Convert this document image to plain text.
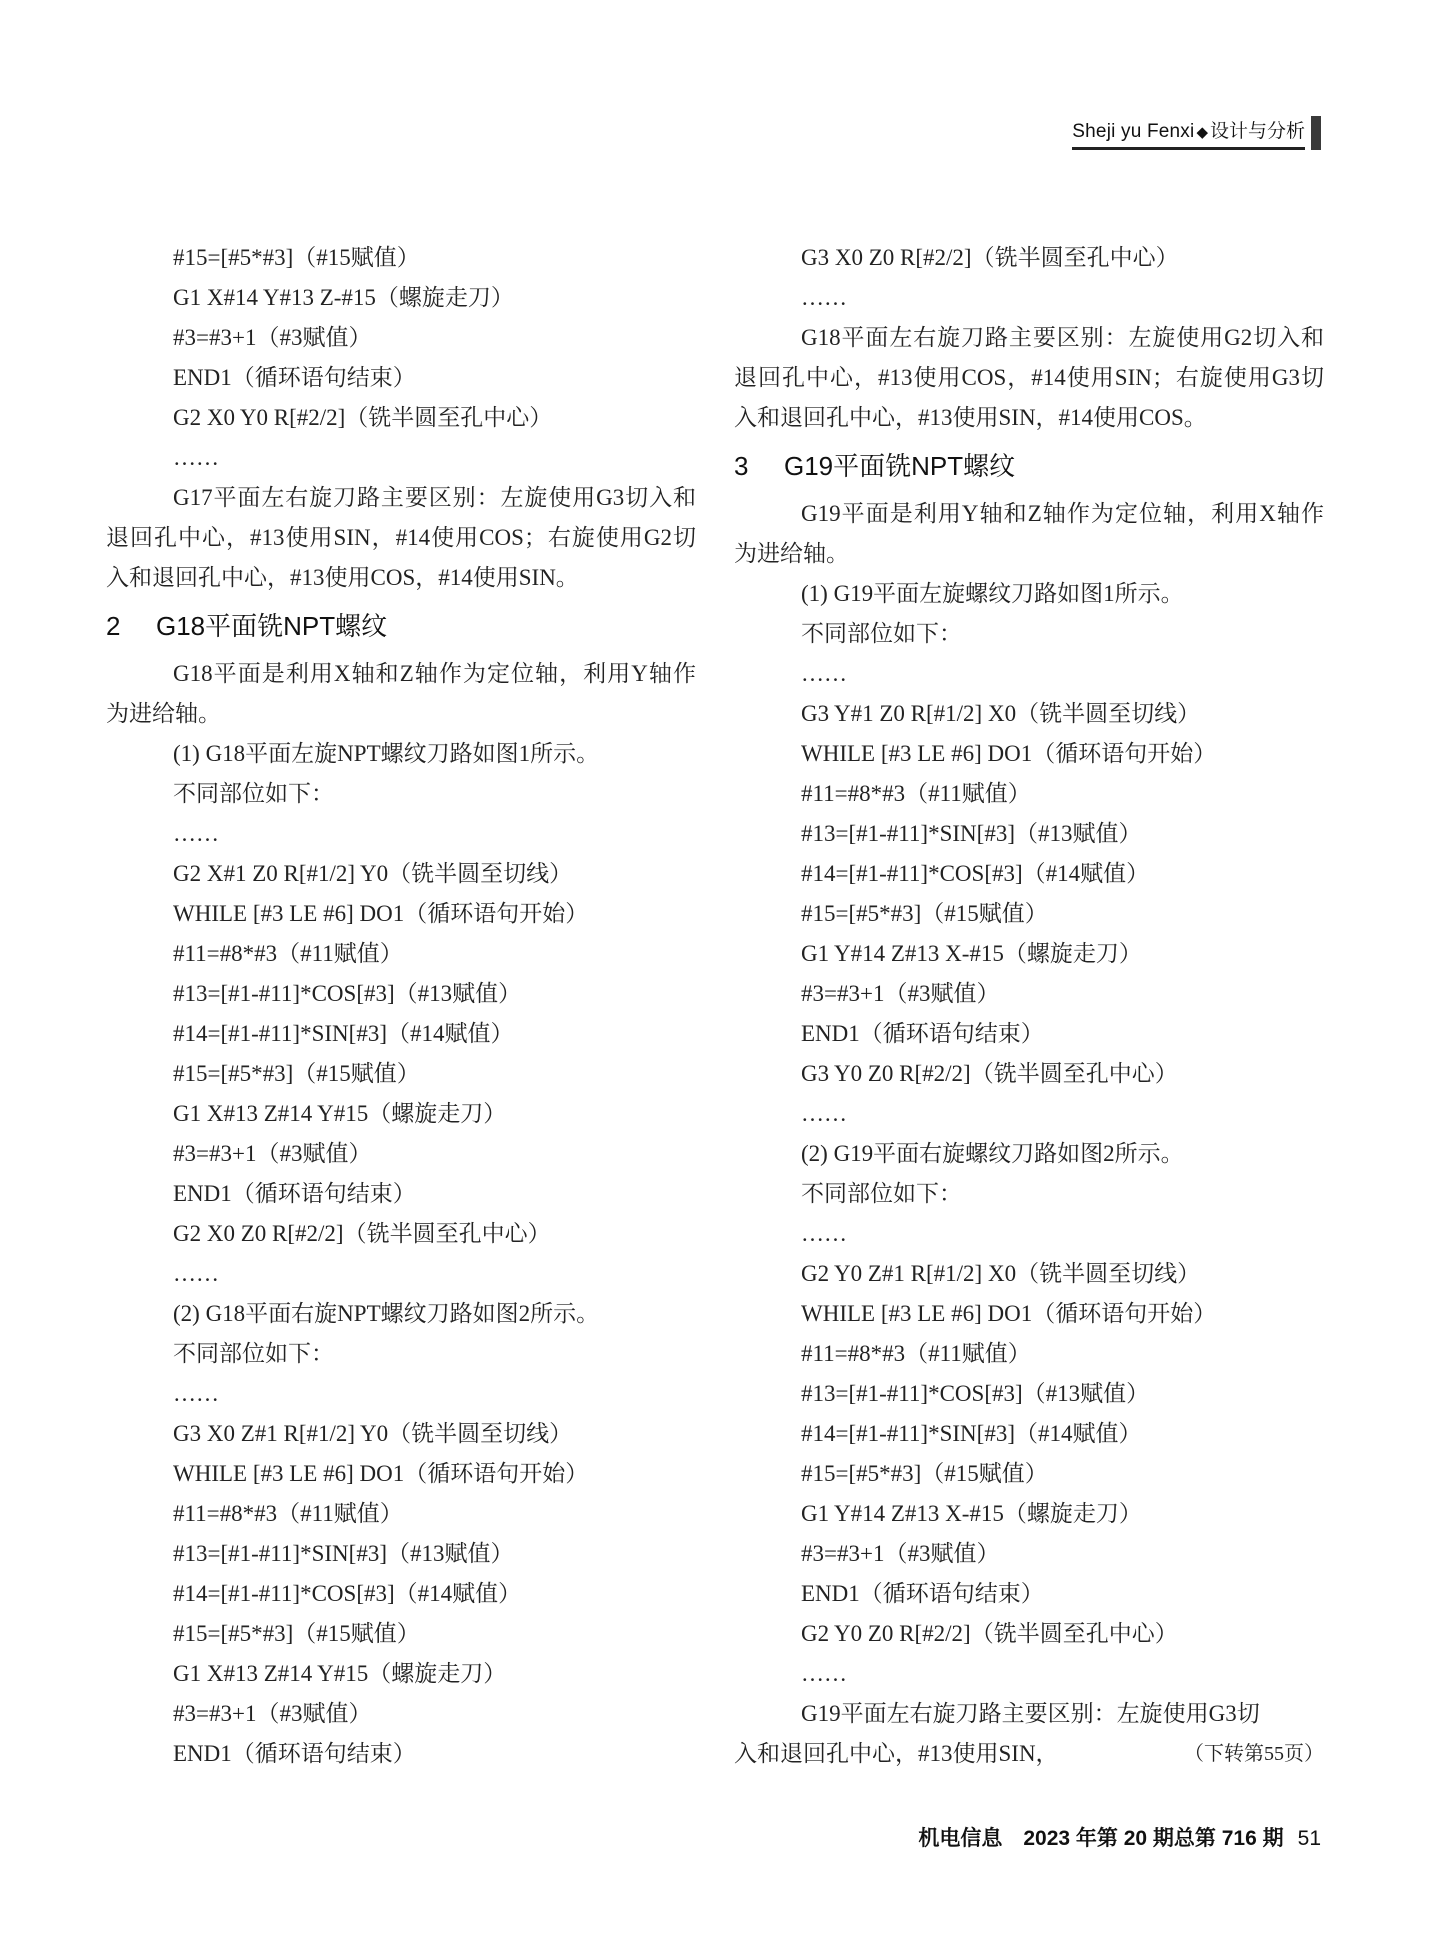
Sheji yu Fenxi ◆ 设计与分析
#15=[#5*#3]（#15赋值）
G1 X#14 Y#13 Z-#15（螺旋走刀）
#3=#3+1（#3赋值）
END1（循环语句结束）
G2 X0 Y0 R[#2/2]（铣半圆至孔中心）
……

G17平面左右旋刀路主要区别：左旋使用G3切入和退回孔中心，#13使用SIN，#14使用COS；右旋使用G2切入和退回孔中心，#13使用COS，#14使用SIN。

2 G18平面铣NPT螺纹

G18平面是利用X轴和Z轴作为定位轴，利用Y轴作为进给轴。

(1) G18平面左旋NPT螺纹刀路如图1所示。
不同部位如下：
……
G2 X#1 Z0 R[#1/2] Y0（铣半圆至切线）
WHILE [#3 LE #6] DO1（循环语句开始）
#11=#8*#3（#11赋值）
#13=[#1-#11]*COS[#3]（#13赋值）
#14=[#1-#11]*SIN[#3]（#14赋值）
#15=[#5*#3]（#15赋值）
G1 X#13 Z#14 Y#15（螺旋走刀）
#3=#3+1（#3赋值）
END1（循环语句结束）
G2 X0 Z0 R[#2/2]（铣半圆至孔中心）
……
(2) G18平面右旋NPT螺纹刀路如图2所示。
不同部位如下：
……
G3 X0 Z#1 R[#1/2] Y0（铣半圆至切线）
WHILE [#3 LE #6] DO1（循环语句开始）
#11=#8*#3（#11赋值）
#13=[#1-#11]*SIN[#3]（#13赋值）
#14=[#1-#11]*COS[#3]（#14赋值）
#15=[#5*#3]（#15赋值）
G1 X#13 Z#14 Y#15（螺旋走刀）
#3=#3+1（#3赋值）
END1（循环语句结束）
G3 X0 Z0 R[#2/2]（铣半圆至孔中心）
……

G18平面左右旋刀路主要区别：左旋使用G2切入和退回孔中心，#13使用COS，#14使用SIN；右旋使用G3切入和退回孔中心，#13使用SIN，#14使用COS。

3 G19平面铣NPT螺纹

G19平面是利用Y轴和Z轴作为定位轴，利用X轴作为进给轴。

(1) G19平面左旋螺纹刀路如图1所示。
不同部位如下：
……
G3 Y#1 Z0 R[#1/2] X0（铣半圆至切线）
WHILE [#3 LE #6] DO1（循环语句开始）
#11=#8*#3（#11赋值）
#13=[#1-#11]*SIN[#3]（#13赋值）
#14=[#1-#11]*COS[#3]（#14赋值）
#15=[#5*#3]（#15赋值）
G1 Y#14 Z#13 X-#15（螺旋走刀）
#3=#3+1（#3赋值）
END1（循环语句结束）
G3 Y0 Z0 R[#2/2]（铣半圆至孔中心）
……
(2) G19平面右旋螺纹刀路如图2所示。
不同部位如下：
……
G2 Y0 Z#1 R[#1/2] X0（铣半圆至切线）
WHILE [#3 LE #6] DO1（循环语句开始）
#11=#8*#3（#11赋值）
#13=[#1-#11]*COS[#3]（#13赋值）
#14=[#1-#11]*SIN[#3]（#14赋值）
#15=[#5*#3]（#15赋值）
G1 Y#14 Z#13 X-#15（螺旋走刀）
#3=#3+1（#3赋值）
END1（循环语句结束）
G2 Y0 Z0 R[#2/2]（铣半圆至孔中心）
……
G19平面左右旋刀路主要区别：左旋使用G3切
入和退回孔中心，#13使用SIN，	（下转第55页）
机电信息　2023 年第 20 期总第 716 期 51
